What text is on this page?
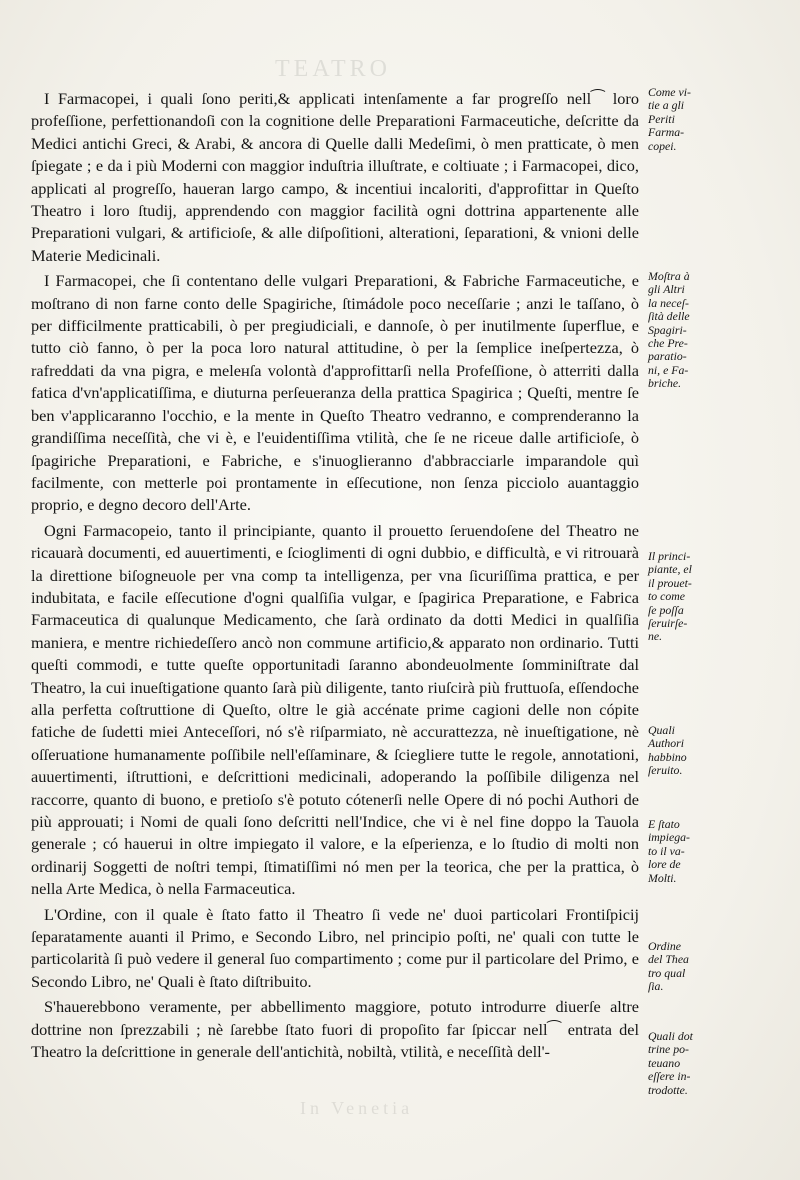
TEATRO

I Farmacopei, i quali ſono periti,& applicati intenſamente a far progreſſo nell⁀ loro profeſſione, perfettionandoſi con la cognitione delle Preparationi Farmaceutiche, deſcritte da Medici antichi Greci, & Arabi, & ancora di Quelle dalli Medeſimi, ò men pratticate, ò men ſpiegate ; e da i più Moderni con maggior induſtria illuſtrate, e coltiuate ; i Farmacopei, dico, applicati al progreſſo, haueran largo campo, & incentiui incaloriti, d'approfittar in Queſto Theatro i loro ſtudij, apprendendo con maggior facilità ogni dottrina appartenente alle Preparationi vulgari, & artificioſe, & alle diſpoſitioni, alterationi, ſeparationi, & vnioni delle Materie Medicinali.

I Farmacopei, che ſi contentano delle vulgari Preparationi, & Fabriche Farmaceutiche, e moſtrano di non farne conto delle Spagiriche, ſtimádole poco neceſſarie ; anzi le taſſano, ò per difficilmente pratticabili, ò per pregiudiciali, e dannoſe, ò per inutilmente ſuperflue, e tutto ciò fanno, ò per la poca loro natural attitudine, ò per la ſemplice ineſpertezza, ò rafreddati da vna pigra, e meleнſa volontà d'approfittarſi nella Profeſſione, ò atterriti dalla fatica d'vn'applicatiſſima, e diuturna perſeueranza della prattica Spagirica ; Queſti, mentre ſe ben v'applicaranno l'occhio, e la mente in Queſto Theatro vedranno, e comprenderanno la grandiſſima neceſſità, che vi è, e l'euidentiſſima vtilità, che ſe ne riceue dalle artificioſe, ò ſpagiriche Preparationi, e Fabriche, e s'inuoglieranno d'abbracciarle imparandole quì facilmente, con metterle poi prontamente in eſſecutione, non ſenza picciolo auantaggio proprio, e degno decoro dell'Arte.

Ogni Farmacopeio, tanto il principiante, quanto il prouetto ſeruendoſene del Theatro ne ricauarà documenti, ed auuertimenti, e ſcioglimenti di ogni dubbio, e difficultà, e vi ritrouarà la direttione biſogneuole per vna comp ta intelligenza, per vna ſicuriſſima prattica, e per indubitata, e facile eſſecutione d'ogni qualſiſia vulgar, e ſpagirica Preparatione, e Fabrica Farmaceutica di qualunque Medicamento, che ſarà ordinato da dotti Medici in qualſiſia maniera, e mentre richiedeſſero ancò non commune artificio,& apparato non ordinario. Tutti queſti commodi, e tutte queſte opportunitadi ſaranno abondeuolmente ſomminiſtrate dal Theatro, la cui inueſtigatione quanto ſarà più diligente, tanto riuſcirà più fruttuoſa, eſſendoche alla perfetta coſtruttione di Queſto, oltre le già accénate prime cagioni delle non cópite fatiche de ſudetti miei Anteceſſori, nó s'è riſparmiato, nè accurattezza, nè inueſtigatione, nè oſſeruatione humanamente poſſibile nell'eſſaminare, & ſciegliere tutte le regole, annotationi, auuertimenti, iſtruttioni, e deſcrittioni medicinali, adoperando la poſſibile diligenza nel raccorre, quanto di buono, e pretioſo s'è potuto cótenerſi nelle Opere di nó pochi Authori de più approuati; i Nomi de quali ſono deſcritti nell'Indice, che vi è nel fine doppo la Tauola generale ; có hauerui in oltre impiegato il valore, e la eſperienza, e lo ſtudio di molti non ordinarij Soggetti de noſtri tempi, ſtimatiſſimi nó men per la teorica, che per la prattica, ò nella Arte Medica, ò nella Farmaceutica.

L'Ordine, con il quale è ſtato fatto il Theatro ſi vede ne' duoi particolari Frontiſpicij ſeparatamente auanti il Primo, e Secondo Libro, nel principio poſti, ne' quali con tutte le particolarità ſi può vedere il general ſuo compartimento ; come pur il particolare del Primo, e Secondo Libro, ne' Quali è ſtato diſtribuito.

S'hauerebbono veramente, per abbellimento maggiore, potuto introdurre diuerſe altre dottrine non ſprezzabili ; nè ſarebbe ſtato fuori di propoſito far ſpiccar nell⁀ entrata del Theatro la deſcrittione in generale dell'antichità, nobiltà, vtilità, e neceſſità dell'-

Come vi-
tie a gli
Periti
Farma-
copei.
Moſtra à
gli Altri
la neceſ-
ſità delle
Spagiri-
che Pre-
paratio-
ni, e Fa-
briche.
Il princi-
piante, el
il prouet-
to come
ſe poſſa
ſeruirſe-
ne.
Quali
Authori
habbino
ſeruito.
E ſtato
impiega-
to il va-
lore de
Molti.
Ordine
del Thea
tro qual
ſia.
Quali dot
trine po-
teuano
eſſere in-
trodotte.
In Venetia
